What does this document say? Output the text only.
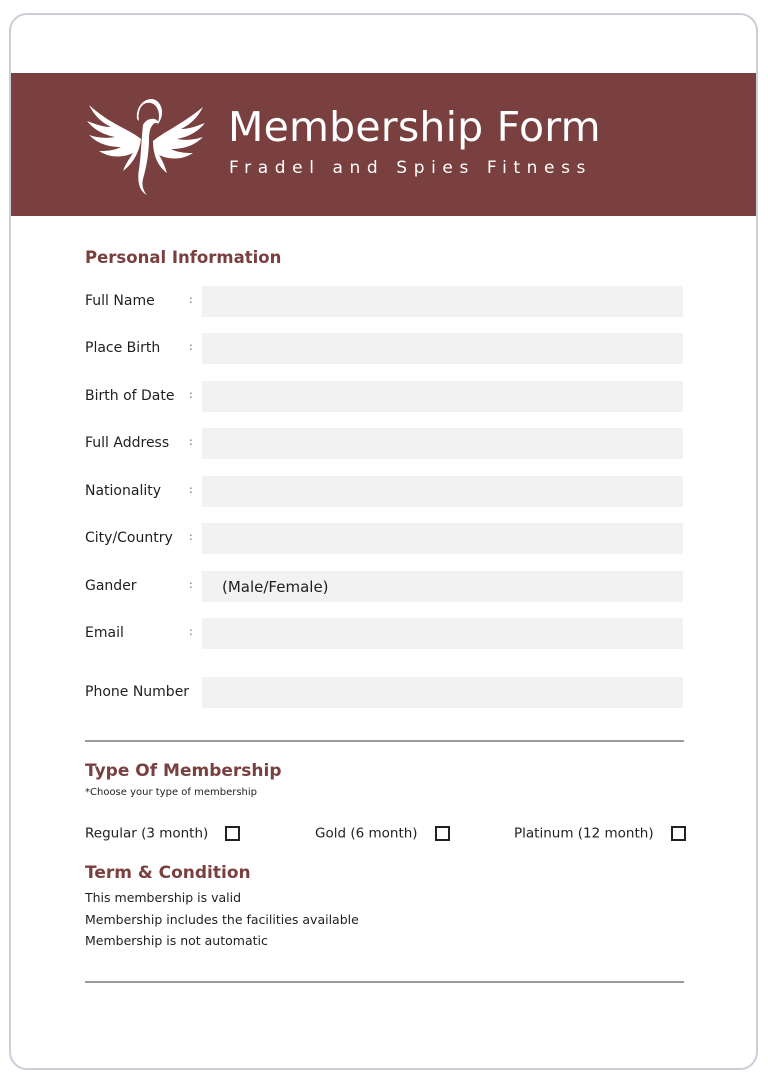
Membership Form
Fradel and Spies Fitness
Personal Information
Full Name	:
Place Birth	:
Birth of Date :
Full Address :
Nationality	:
City/Country :
Gander	:
(Male/Female)
Email	:
Phone Number
Type Of Membership
*Choose your type of membership
Regular (3 month)	Gold (6 month)	Platinum (12 month)
Term & Condition
This membership is valid
Membership includes the facilities available
Membership is not automatic
